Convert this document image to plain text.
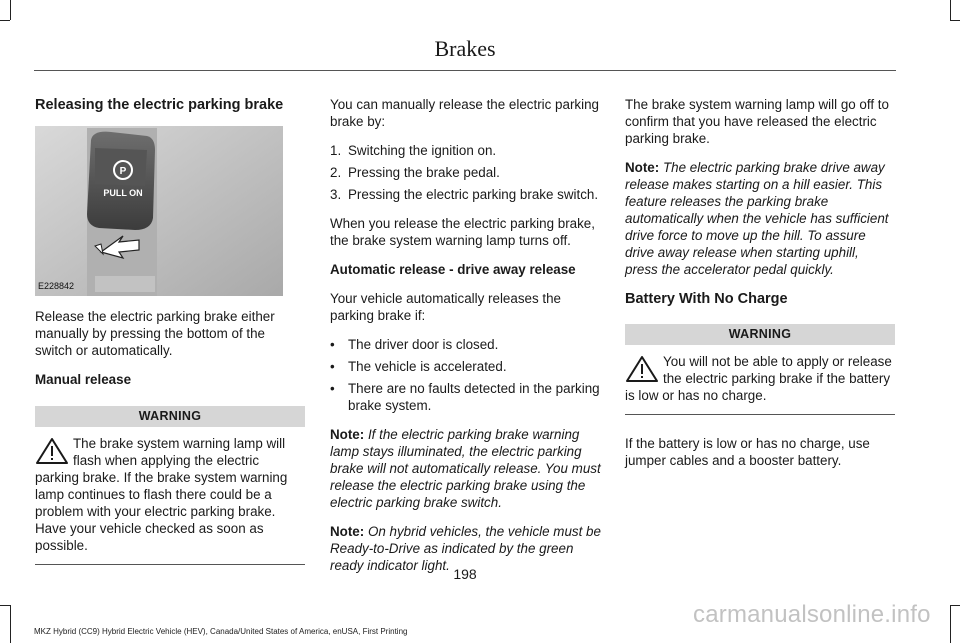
Brakes
Releasing the electric parking brake
P
PULL ON
E228842

Release the electric parking brake either manually by pressing the bottom of the switch or automatically.

Manual release
WARNING
The brake system warning lamp will flash when applying the electric parking brake. If the brake system warning lamp continues to flash there could be a problem with your electric parking brake. Have your vehicle checked as soon as possible.

You can manually release the electric parking brake by:

1. Switching the ignition on.
2. Pressing the brake pedal.
3. Pressing the electric parking brake switch.

When you release the electric parking brake, the brake system warning lamp turns off.

Automatic release - drive away release

Your vehicle automatically releases the parking brake if:

• The driver door is closed.
• The vehicle is accelerated.
• There are no faults detected in the parking brake system.

Note: If the electric parking brake warning lamp stays illuminated, the electric parking brake will not automatically release. You must release the electric parking brake using the electric parking brake switch.

Note: On hybrid vehicles, the vehicle must be Ready-to-Drive as indicated by the green ready indicator light.

The brake system warning lamp will go off to confirm that you have released the electric parking brake.

Note: The electric parking brake drive away release makes starting on a hill easier. This feature releases the parking brake automatically when the vehicle has sufficient drive force to move up the hill. To assure drive away release when starting uphill, press the accelerator pedal quickly.

Battery With No Charge
WARNING
You will not be able to apply or release the electric parking brake if the battery is low or has no charge.

If the battery is low or has no charge, use jumper cables and a booster battery.

198
MKZ Hybrid (CC9) Hybrid Electric Vehicle (HEV), Canada/United States of America, enUSA, First Printing
carmanualsonline.info
